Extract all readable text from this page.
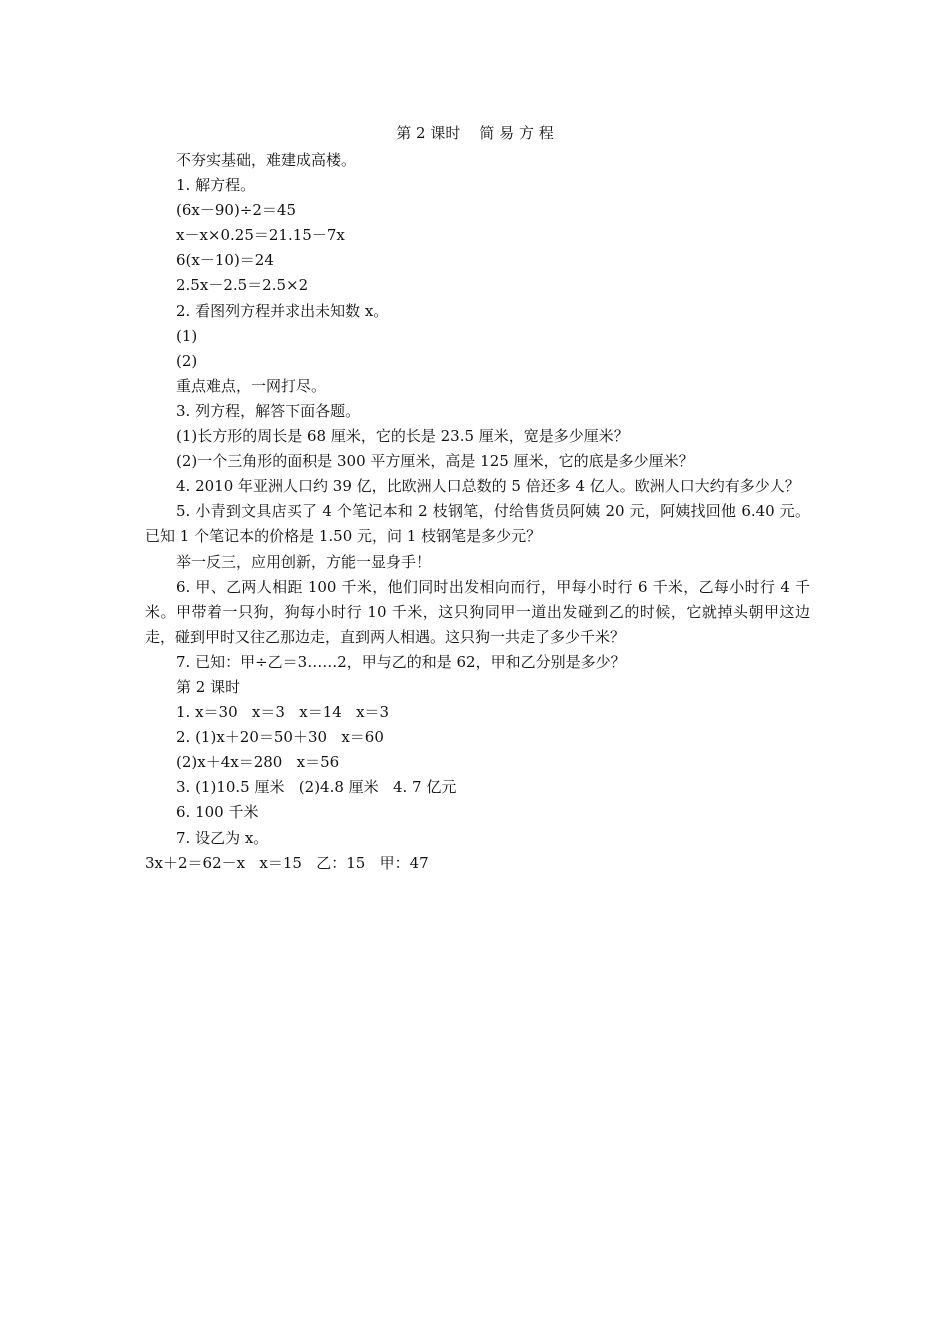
第 2 课时    简 易 方 程

不夯实基础，难建成高楼。

1. 解方程。

(6x－90)÷2＝45

x－x×0.25＝21.15－7x

6(x－10)＝24

2.5x－2.5＝2.5×2

2. 看图列方程并求出未知数 x。

(1)

(2)

重点难点，一网打尽。

3. 列方程，解答下面各题。

(1)长方形的周长是 68 厘米，它的长是 23.5 厘米，宽是多少厘米？

(2)一个三角形的面积是 300 平方厘米，高是 125 厘米，它的底是多少厘米？

4. 2010 年亚洲人口约 39 亿，比欧洲人口总数的 5 倍还多 4 亿人。欧洲人口大约有多少人？

5. 小青到文具店买了 4 个笔记本和 2 枝钢笔，付给售货员阿姨 20 元，阿姨找回他 6.40 元。已知 1 个笔记本的价格是 1.50 元，问 1 枝钢笔是多少元？

举一反三，应用创新，方能一显身手！

6. 甲、乙两人相距 100 千米，他们同时出发相向而行，甲每小时行 6 千米，乙每小时行 4 千米。甲带着一只狗，狗每小时行 10 千米，这只狗同甲一道出发碰到乙的时候，它就掉头朝甲这边走，碰到甲时又往乙那边走，直到两人相遇。这只狗一共走了多少千米？

7. 已知：甲÷乙＝3……2，甲与乙的和是 62，甲和乙分别是多少？

第 2 课时

1. x＝30   x＝3   x＝14   x＝3

2. (1)x＋20＝50＋30   x＝60

(2)x＋4x＝280   x＝56

3. (1)10.5 厘米   (2)4.8 厘米   4. 7 亿元

6. 100 千米

7. 设乙为 x。

3x＋2＝62－x   x＝15   乙：15   甲：47
